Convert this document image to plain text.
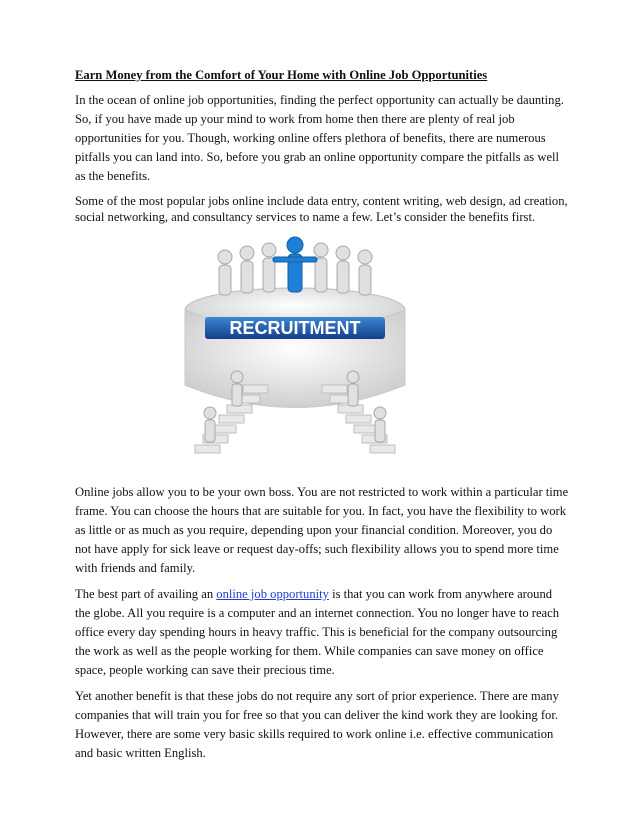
Earn Money from the Comfort of Your Home with Online Job Opportunities

In the ocean of online job opportunities, finding the perfect opportunity can actually be daunting. So, if you have made up your mind to work from home then there are plenty of real job opportunities for you. Though, working online offers plethora of benefits, there are numerous pitfalls you can land into. So, before you grab an online opportunity compare the pitfalls as well as the benefits.

Some of the most popular jobs online include data entry, content writing, web design, ad creation, social networking, and consultancy services to name a few. Let’s consider the benefits first.

RECRUITMENT

Online jobs allow you to be your own boss. You are not restricted to work within a particular time frame. You can choose the hours that are suitable for you. In fact, you have the flexibility to work as little or as much as you require, depending upon your financial condition. Moreover, you do not have apply for sick leave or request day-offs; such flexibility allows you to spend more time with friends and family.

The best part of availing an online job opportunity is that you can work from anywhere around the globe. All you require is a computer and an internet connection. You no longer have to reach office every day spending hours in heavy traffic. This is beneficial for the company outsourcing the work as well as the people working for them. While companies can save money on office space, people working can save their precious time.

Yet another benefit is that these jobs do not require any sort of prior experience. There are many companies that will train you for free so that you can deliver the kind work they are looking for. However, there are some very basic skills required to work online i.e. effective communication and basic written English.
